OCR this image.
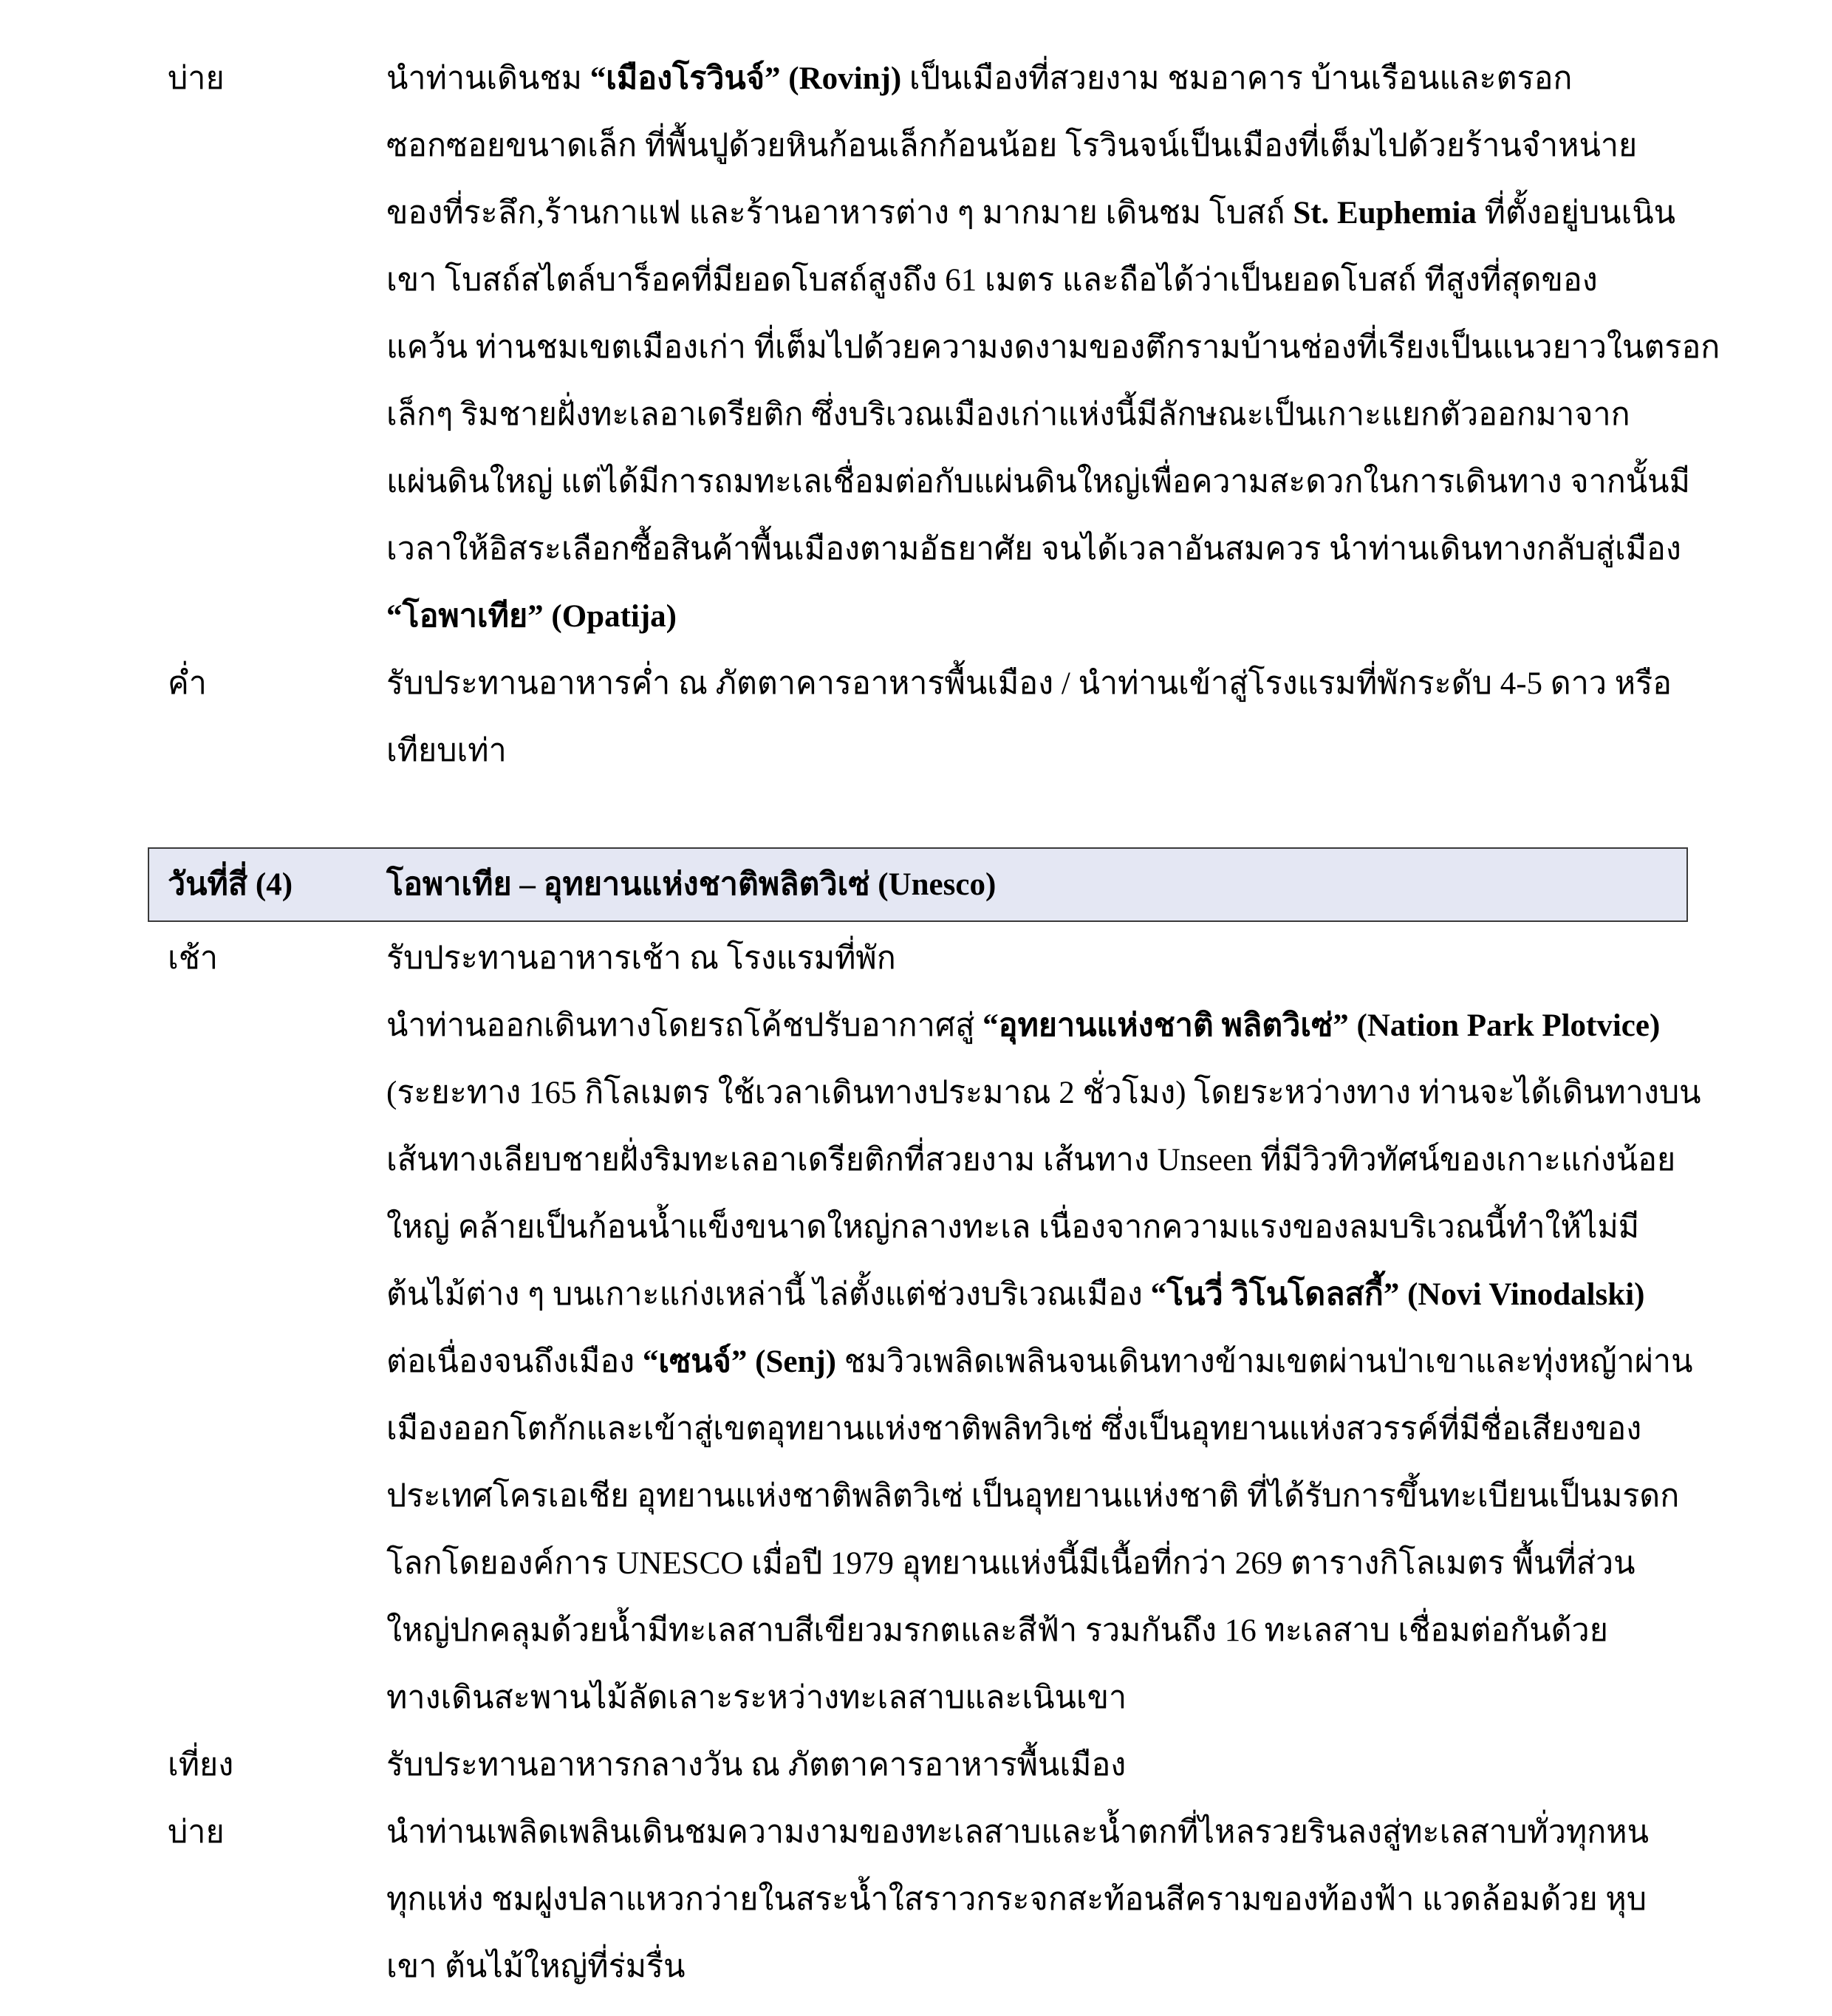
บ่าย	นำท่านเดินชม “เมืองโรวินจ์” (Rovinj) เป็นเมืองที่สวยงาม ชมอาคาร บ้านเรือนและตรอก
ซอกซอยขนาดเล็ก ที่พื้นปูด้วยหินก้อนเล็กก้อนน้อย โรวินจน์เป็นเมืองที่เต็มไปด้วยร้านจำหน่าย
ของที่ระลึก,ร้านกาแฟ และร้านอาหารต่าง ๆ มากมาย เดินชม โบสถ์ St. Euphemia ที่ตั้งอยู่บนเนิน
เขา โบสถ์สไตล์บาร็อคที่มียอดโบสถ์สูงถึง 61 เมตร และถือได้ว่าเป็นยอดโบสถ์ ทีสูงที่สุดของ
แคว้น ท่านชมเขตเมืองเก่า ที่เต็มไปด้วยความงดงามของตึกรามบ้านช่องที่เรียงเป็นแนวยาวในตรอก
เล็กๆ ริมชายฝั่งทะเลอาเดรียติก ซึ่งบริเวณเมืองเก่าแห่งนี้มีลักษณะเป็นเกาะแยกตัวออกมาจาก
แผ่นดินใหญ่ แต่ได้มีการถมทะเลเชื่อมต่อกับแผ่นดินใหญ่เพื่อความสะดวกในการเดินทาง จากนั้นมี
เวลาให้อิสระเลือกซื้อสินค้าพื้นเมืองตามอัธยาศัย จนได้เวลาอันสมควร นำท่านเดินทางกลับสู่เมือง
“โอพาเทีย” (Opatija)
ค่ำ	รับประทานอาหารค่ำ ณ ภัตตาคารอาหารพื้นเมือง / นำท่านเข้าสู่โรงแรมที่พักระดับ 4-5 ดาว หรือ
เทียบเท่า
วันที่สี่ (4)	โอพาเทีย – อุทยานแห่งชาติพลิตวิเซ่ (Unesco)
เช้า	รับประทานอาหารเช้า ณ โรงแรมที่พัก
นำท่านออกเดินทางโดยรถโค้ชปรับอากาศสู่ “อุทยานแห่งชาติ พลิตวิเซ่” (Nation Park Plotvice)
(ระยะทาง 165 กิโลเมตร ใช้เวลาเดินทางประมาณ 2 ชั่วโมง) โดยระหว่างทาง ท่านจะได้เดินทางบน
เส้นทางเลียบชายฝั่งริมทะเลอาเดรียติกที่สวยงาม เส้นทาง Unseen ที่มีวิวทิวทัศน์ของเกาะแก่งน้อย
ใหญ่ คล้ายเป็นก้อนน้ำแข็งขนาดใหญ่กลางทะเล เนื่องจากความแรงของลมบริเวณนี้ทำให้ไม่มี
ต้นไม้ต่าง ๆ บนเกาะแก่งเหล่านี้ ไล่ตั้งแต่ช่วงบริเวณเมือง “โนวี่ วิโนโดลสกี้” (Novi Vinodalski)
ต่อเนื่องจนถึงเมือง “เซนจ์” (Senj) ชมวิวเพลิดเพลินจนเดินทางข้ามเขตผ่านป่าเขาและทุ่งหญ้าผ่าน
เมืองออกโตกักและเข้าสู่เขตอุทยานแห่งชาติพลิทวิเซ่ ซึ่งเป็นอุทยานแห่งสวรรค์ที่มีชื่อเสียงของ
ประเทศโครเอเชีย อุทยานแห่งชาติพลิตวิเซ่ เป็นอุทยานแห่งชาติ ที่ได้รับการขึ้นทะเบียนเป็นมรดก
โลกโดยองค์การ UNESCO เมื่อปี 1979 อุทยานแห่งนี้มีเนื้อที่กว่า 269 ตารางกิโลเมตร พื้นที่ส่วน
ใหญ่ปกคลุมด้วยน้ำมีทะเลสาบสีเขียวมรกตและสีฟ้า รวมกันถึง 16 ทะเลสาบ เชื่อมต่อกันด้วย
ทางเดินสะพานไม้ลัดเลาะระหว่างทะเลสาบและเนินเขา
เที่ยง	รับประทานอาหารกลางวัน ณ ภัตตาคารอาหารพื้นเมือง
บ่าย	นำท่านเพลิดเพลินเดินชมความงามของทะเลสาบและน้ำตกที่ไหลรวยรินลงสู่ทะเลสาบทั่วทุกหน
ทุกแห่ง ชมฝูงปลาแหวกว่ายในสระน้ำใสราวกระจกสะท้อนสีครามของท้องฟ้า แวดล้อมด้วย หุบ
เขา ต้นไม้ใหญ่ที่ร่มรื่น
